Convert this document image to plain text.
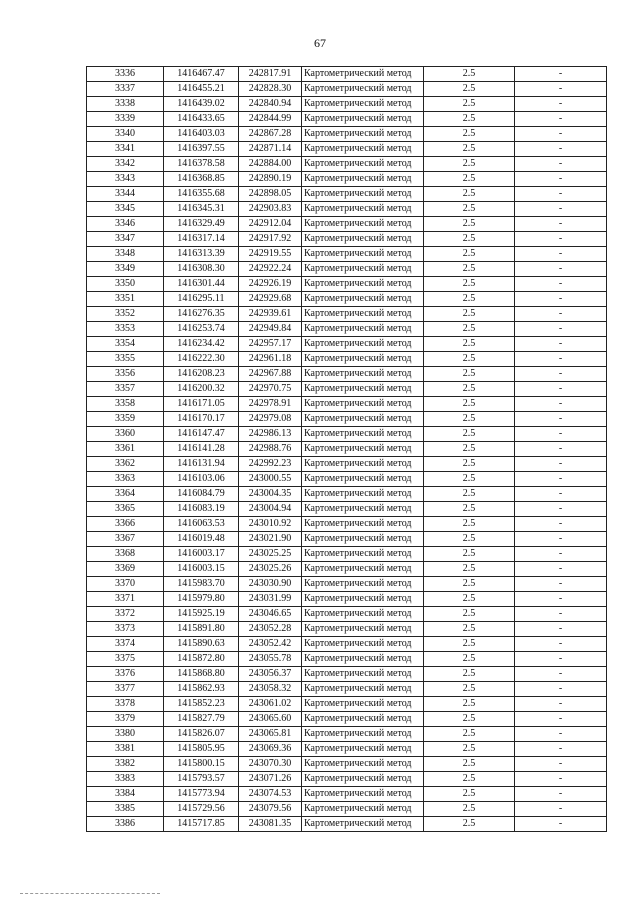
67
3336	1416467.47	242817.91	Картометрический метод	2.5	-
3337	1416455.21	242828.30	Картометрический метод	2.5	-
3338	1416439.02	242840.94	Картометрический метод	2.5	-
3339	1416433.65	242844.99	Картометрический метод	2.5	-
3340	1416403.03	242867.28	Картометрический метод	2.5	-
3341	1416397.55	242871.14	Картометрический метод	2.5	-
3342	1416378.58	242884.00	Картометрический метод	2.5	-
3343	1416368.85	242890.19	Картометрический метод	2.5	-
3344	1416355.68	242898.05	Картометрический метод	2.5	-
3345	1416345.31	242903.83	Картометрический метод	2.5	-
3346	1416329.49	242912.04	Картометрический метод	2.5	-
3347	1416317.14	242917.92	Картометрический метод	2.5	-
3348	1416313.39	242919.55	Картометрический метод	2.5	-
3349	1416308.30	242922.24	Картометрический метод	2.5	-
3350	1416301.44	242926.19	Картометрический метод	2.5	-
3351	1416295.11	242929.68	Картометрический метод	2.5	-
3352	1416276.35	242939.61	Картометрический метод	2.5	-
3353	1416253.74	242949.84	Картометрический метод	2.5	-
3354	1416234.42	242957.17	Картометрический метод	2.5	-
3355	1416222.30	242961.18	Картометрический метод	2.5	-
3356	1416208.23	242967.88	Картометрический метод	2.5	-
3357	1416200.32	242970.75	Картометрический метод	2.5	-
3358	1416171.05	242978.91	Картометрический метод	2.5	-
3359	1416170.17	242979.08	Картометрический метод	2.5	-
3360	1416147.47	242986.13	Картометрический метод	2.5	-
3361	1416141.28	242988.76	Картометрический метод	2.5	-
3362	1416131.94	242992.23	Картометрический метод	2.5	-
3363	1416103.06	243000.55	Картометрический метод	2.5	-
3364	1416084.79	243004.35	Картометрический метод	2.5	-
3365	1416083.19	243004.94	Картометрический метод	2.5	-
3366	1416063.53	243010.92	Картометрический метод	2.5	-
3367	1416019.48	243021.90	Картометрический метод	2.5	-
3368	1416003.17	243025.25	Картометрический метод	2.5	-
3369	1416003.15	243025.26	Картометрический метод	2.5	-
3370	1415983.70	243030.90	Картометрический метод	2.5	-
3371	1415979.80	243031.99	Картометрический метод	2.5	-
3372	1415925.19	243046.65	Картометрический метод	2.5	-
3373	1415891.80	243052.28	Картометрический метод	2.5	-
3374	1415890.63	243052.42	Картометрический метод	2.5	-
3375	1415872.80	243055.78	Картометрический метод	2.5	-
3376	1415868.80	243056.37	Картометрический метод	2.5	-
3377	1415862.93	243058.32	Картометрический метод	2.5	-
3378	1415852.23	243061.02	Картометрический метод	2.5	-
3379	1415827.79	243065.60	Картометрический метод	2.5	-
3380	1415826.07	243065.81	Картометрический метод	2.5	-
3381	1415805.95	243069.36	Картометрический метод	2.5	-
3382	1415800.15	243070.30	Картометрический метод	2.5	-
3383	1415793.57	243071.26	Картометрический метод	2.5	-
3384	1415773.94	243074.53	Картометрический метод	2.5	-
3385	1415729.56	243079.56	Картометрический метод	2.5	-
3386	1415717.85	243081.35	Картометрический метод	2.5	-
